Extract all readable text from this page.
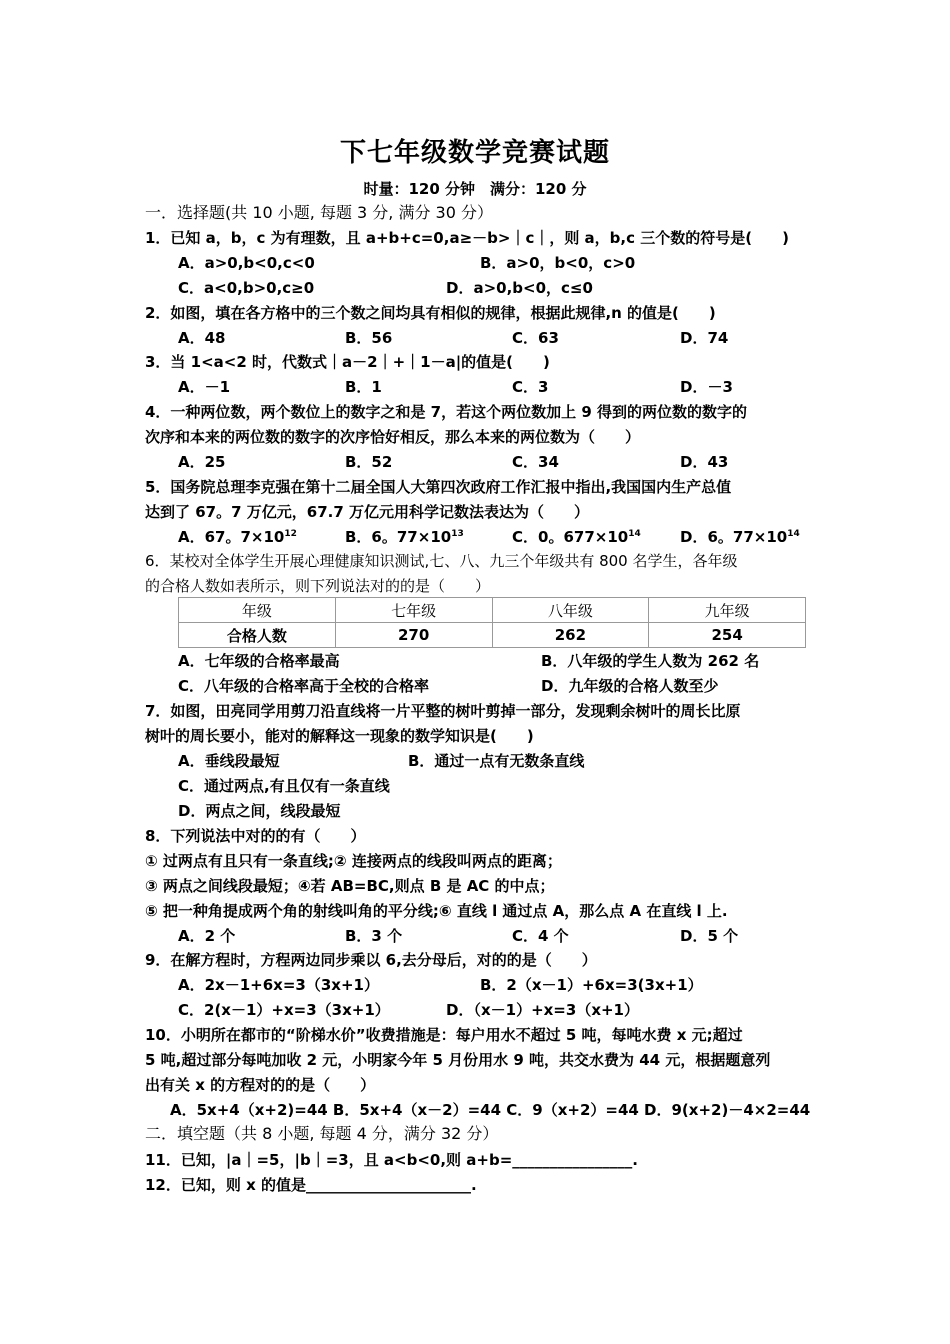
下七年级数学竞赛试题
时量：120 分钟　满分：120 分
一．选择题(共 10 小题, 每题 3 分, 满分 30 分）
1．已知 a，b，c 为有理数，且 a+b+c=0,a≥－b>｜c｜，则 a，b,c 三个数的符号是(　　)
A．a>0,b<0,c<0	B．a>0，b<0，c>0
C．a<0,b>0,c≥0	D．a>0,b<0，c≤0
2．如图，填在各方格中的三个数之间均具有相似的规律，根据此规律,n 的值是(　　)
A．48	B．56	C．63	D．74
3．当 1<a<2 时，代数式｜a－2｜+｜1－a|的值是(　　)
A．－1	B．1	C．3	D．－3
4．一种两位数，两个数位上的数字之和是 7，若这个两位数加上 9 得到的两位数的数字的
次序和本来的两位数的数字的次序恰好相反，那么本来的两位数为（　　）
A．25	B．52	C．34	D．43
5．国务院总理李克强在第十二届全国人大第四次政府工作汇报中指出,我国国内生产总值
达到了 67。7 万亿元，67.7 万亿元用科学记数法表达为（　　）
A．67。$7\times 10^{12}$	B．6。$77\times 10^{13}$	C．0。$677\times 10^{14}$	D．6。$77\times 10^{14}$
6．某校对全体学生开展心理健康知识测试,七、八、九三个年级共有 800 名学生，各年级
的合格人数如表所示，则下列说法对的的是（　　）
年级	七年级	八年级	九年级
合格人数	270	262	254
A．七年级的合格率最高	B．八年级的学生人数为 262 名
C．八年级的合格率高于全校的合格率	D．九年级的合格人数至少
7．如图，田亮同学用剪刀沿直线将一片平整的树叶剪掉一部分，发现剩余树叶的周长比原
树叶的周长要小，能对的解释这一现象的数学知识是(　　)
A．垂线段最短	B．通过一点有无数条直线
C．通过两点,有且仅有一条直线
D．两点之间，线段最短
8．下列说法中对的的有（　　）
① 过两点有且只有一条直线;② 连接两点的线段叫两点的距离；
③ 两点之间线段最短；④若 AB=BC,则点 B 是 AC 的中点；
⑤ 把一种角提成两个角的射线叫角的平分线;⑥ 直线 l 通过点 A，那么点 A 在直线 l 上.
A．2 个	B．3 个	C．4 个	D．5 个
9．在解方程时，方程两边同步乘以 6,去分母后，对的的是（　　）
A．2x－1+6x=3（3x+1）	B．2（x－1）+6x=3(3x+1）
C．2(x－1）+x=3（3x+1）	D．（x－1）+x=3（x+1）
10．小明所在都市的“阶梯水价”收费措施是：每户用水不超过 5 吨，每吨水费 x 元;超过
5 吨,超过部分每吨加收 2 元，小明家今年 5 月份用水 9 吨，共交水费为 44 元，根据题意列
出有关 x 的方程对的的是（　　）
A．5x+4（x+2)=44 B．5x+4（x－2）=44 C．9（x+2）=44 D．9(x+2)－4×2=44
二．填空题（共 8 小题, 每题 4 分，满分 32 分）
11．已知，|a｜=5，|b｜=3，且 a<b<0,则 a+b=________________.
12．已知，则 x 的值是______________________.
